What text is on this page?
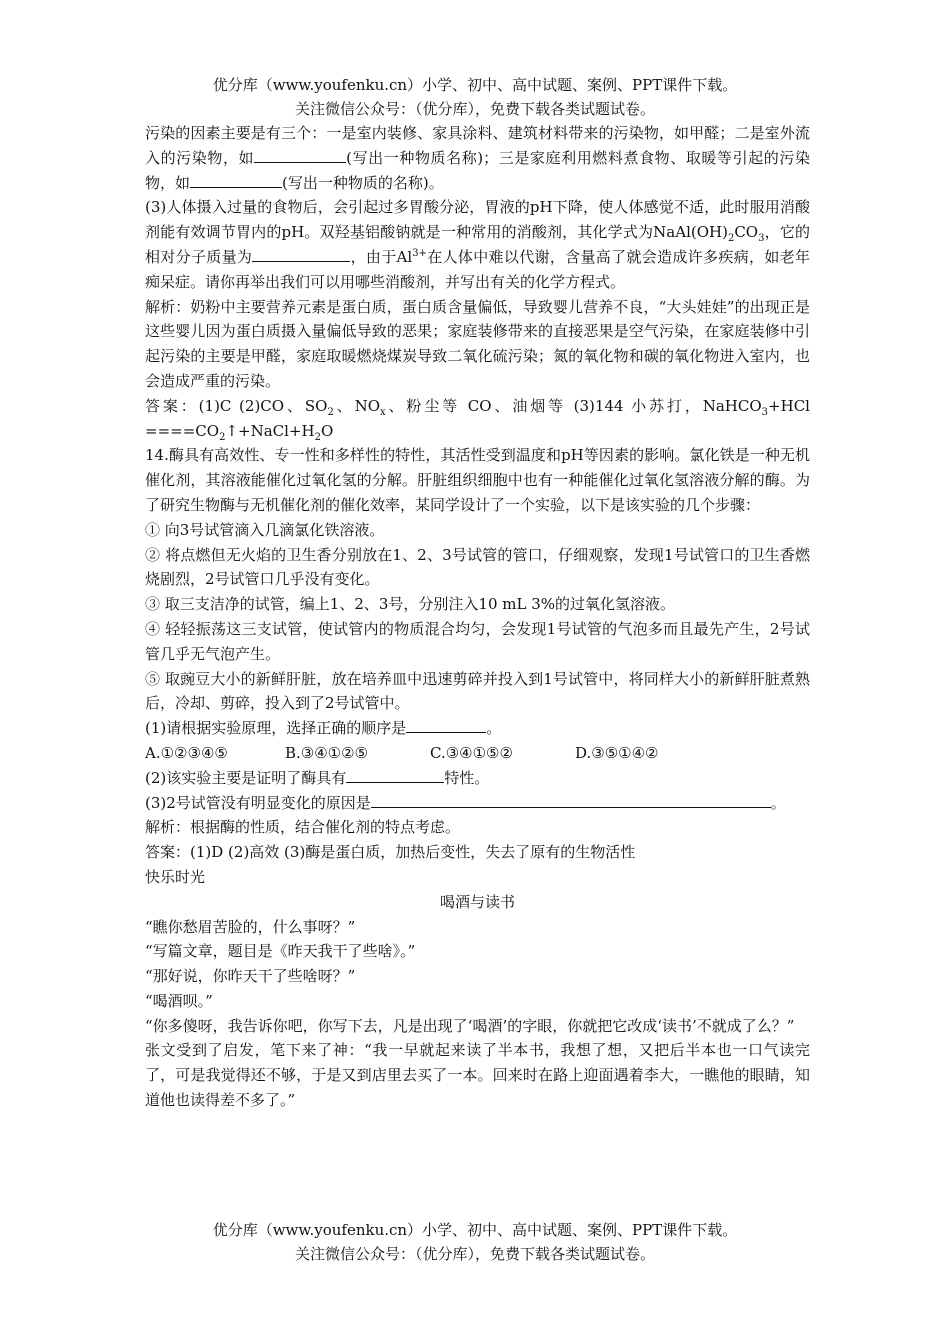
优分库（www.youfenku.cn）小学、初中、高中试题、案例、PPT课件下载。
关注微信公众号：（优分库），免费下载各类试题试卷。

污染的因素主要是有三个：一是室内装修、家具涂料、建筑材料带来的污染物，如甲醛；二是室外流入的污染物，如	(写出一种物质名称)；三是家庭利用燃料煮食物、取暖等引起的污染物，如	(写出一种物质的名称)。

(3)人体摄入过量的食物后，会引起过多胃酸分泌，胃液的pH下降，使人体感觉不适，此时服用消酸剂能有效调节胃内的pH。双羟基铝酸钠就是一种常用的消酸剂，其化学式为$NaAl(OH)_2CO_3$，它的相对分子质量为	，由于$Al^{3+}$在人体中难以代谢，含量高了就会造成许多疾病，如老年痴呆症。请你再举出我们可以用哪些消酸剂，并写出有关的化学方程式。

解析：奶粉中主要营养元素是蛋白质，蛋白质含量偏低，导致婴儿营养不良，“大头娃娃”的出现正是这些婴儿因为蛋白质摄入量偏低导致的恶果；家庭装修带来的直接恶果是空气污染，在家庭装修中引起污染的主要是甲醛，家庭取暖燃烧煤炭导致二氧化硫污染；氮的氧化物和碳的氧化物进入室内，也会造成严重的污染。

答案：(1)C (2)CO、$SO_2$、$NO_x$、粉尘等 CO、油烟等 (3)144 小苏打，NaHCO$_3$+HCl $====CO_2↑+NaCl+H_2O$

14.酶具有高效性、专一性和多样性的特性，其活性受到温度和pH等因素的影响。氯化铁是一种无机催化剂，其溶液能催化过氧化氢的分解。肝脏组织细胞中也有一种能催化过氧化氢溶液分解的酶。为了研究生物酶与无机催化剂的催化效率，某同学设计了一个实验，以下是该实验的几个步骤：

① 向3号试管滴入几滴氯化铁溶液。

② 将点燃但无火焰的卫生香分别放在1、2、3号试管的管口，仔细观察，发现1号试管口的卫生香燃烧剧烈，2号试管口几乎没有变化。

③ 取三支洁净的试管，编上1、2、3号，分别注入10 mL 3%的过氧化氢溶液。

④ 轻轻振荡这三支试管，使试管内的物质混合均匀，会发现1号试管的气泡多而且最先产生，2号试管几乎无气泡产生。

⑤ 取豌豆大小的新鲜肝脏，放在培养皿中迅速剪碎并投入到1号试管中，将同样大小的新鲜肝脏煮熟后，冷却、剪碎，投入到了2号试管中。

(1)请根据实验原理，选择正确的顺序是	。

A.①②③④⑤	B.③④①②⑤	C.③④①⑤②	D.③⑤①④②

(2)该实验主要是证明了酶具有	特性。

(3)2号试管没有明显变化的原因是	。

解析：根据酶的性质，结合催化剂的特点考虑。

答案：(1)D (2)高效 (3)酶是蛋白质，加热后变性，失去了原有的生物活性

快乐时光

喝酒与读书

“瞧你愁眉苦脸的，什么事呀？”

“写篇文章，题目是《昨天我干了些啥》。”

“那好说，你昨天干了些啥呀？”

“喝酒呗。”

“你多傻呀，我告诉你吧，你写下去，凡是出现了‘喝酒’的字眼，你就把它改成‘读书’不就成了么？”

张文受到了启发，笔下来了神：“我一早就起来读了半本书，我想了想，又把后半本也一口气读完了，可是我觉得还不够，于是又到店里去买了一本。回来时在路上迎面遇着李大，一瞧他的眼睛，知道他也读得差不多了。”

优分库（www.youfenku.cn）小学、初中、高中试题、案例、PPT课件下载。
关注微信公众号：（优分库），免费下载各类试题试卷。
